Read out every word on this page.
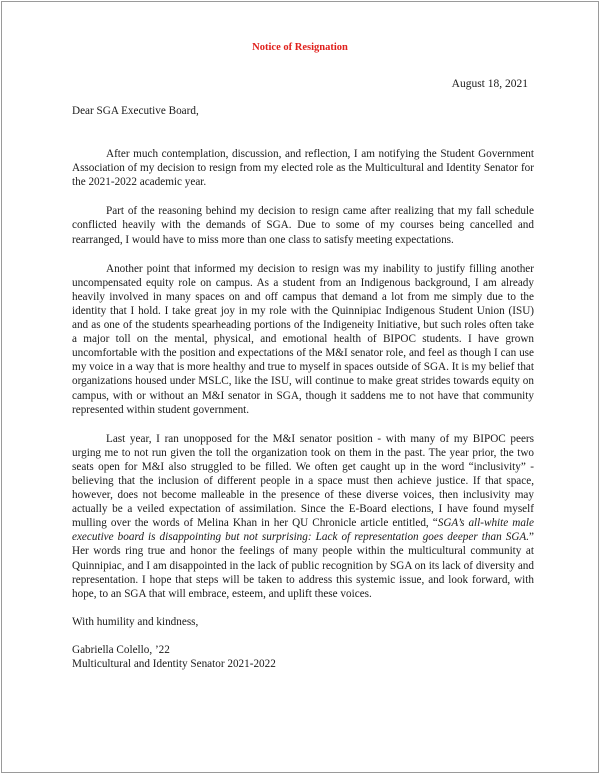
Notice of Resignation
August 18, 2021

Dear SGA Executive Board,

After much contemplation, discussion, and reflection, I am notifying the Student Government Association of my decision to resign from my elected role as the Multicultural and Identity Senator for the 2021-2022 academic year.

Part of the reasoning behind my decision to resign came after realizing that my fall schedule conflicted heavily with the demands of SGA. Due to some of my courses being cancelled and rearranged, I would have to miss more than one class to satisfy meeting expectations.

Another point that informed my decision to resign was my inability to justify filling another uncompensated equity role on campus. As a student from an Indigenous background, I am already heavily involved in many spaces on and off campus that demand a lot from me simply due to the identity that I hold. I take great joy in my role with the Quinnipiac Indigenous Student Union (ISU) and as one of the students spearheading portions of the Indigeneity Initiative, but such roles often take a major toll on the mental, physical, and emotional health of BIPOC students. I have grown uncomfortable with the position and expectations of the M&I senator role, and feel as though I can use my voice in a way that is more healthy and true to myself in spaces outside of SGA. It is my belief that organizations housed under MSLC, like the ISU, will continue to make great strides towards equity on campus, with or without an M&I senator in SGA, though it saddens me to not have that community represented within student government.

Last year, I ran unopposed for the M&I senator position - with many of my BIPOC peers urging me to not run given the toll the organization took on them in the past. The year prior, the two seats open for M&I also struggled to be filled. We often get caught up in the word “inclusivity” - believing that the inclusion of different people in a space must then achieve justice. If that space, however, does not become malleable in the presence of these diverse voices, then inclusivity may actually be a veiled expectation of assimilation. Since the E-Board elections, I have found myself mulling over the words of Melina Khan in her QU Chronicle article entitled, “SGA’s all-white male executive board is disappointing but not surprising: Lack of representation goes deeper than SGA.” Her words ring true and honor the feelings of many people within the multicultural community at Quinnipiac, and I am disappointed in the lack of public recognition by SGA on its lack of diversity and representation. I hope that steps will be taken to address this systemic issue, and look forward, with hope, to an SGA that will embrace, esteem, and uplift these voices.

With humility and kindness,

Gabriella Colello, ’22
Multicultural and Identity Senator 2021-2022
